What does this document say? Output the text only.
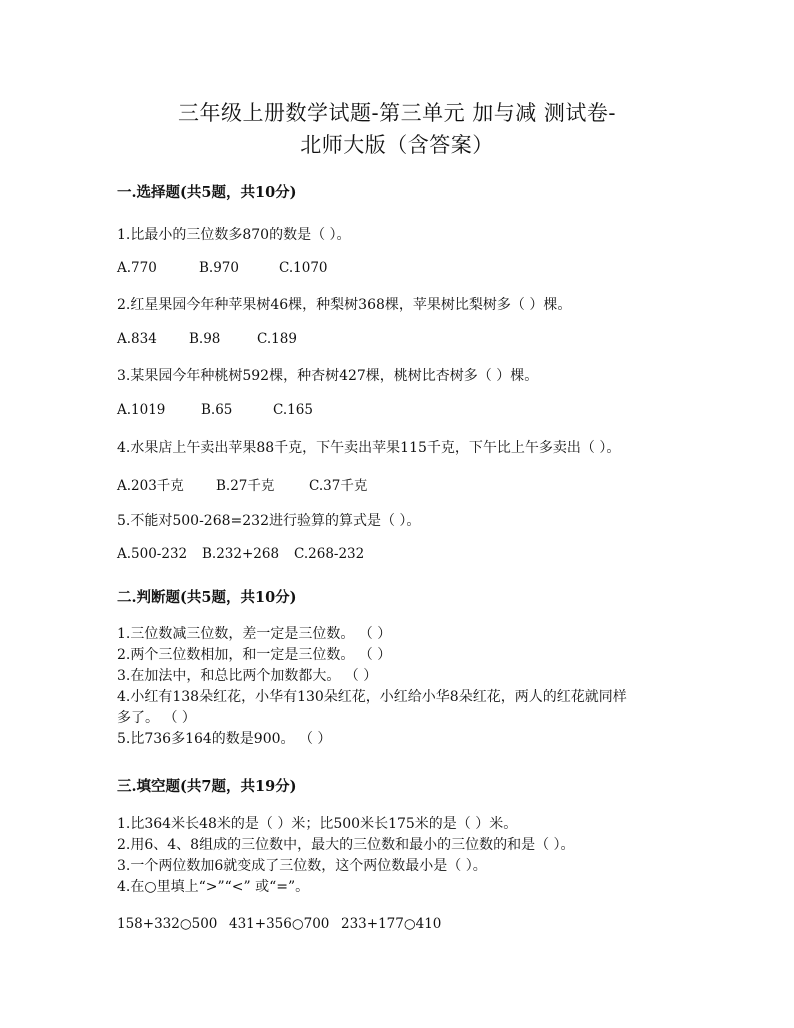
三年级上册数学试题-第三单元 加与减 测试卷-
北师大版（含答案）
一.选择题(共5题，共10分)
1.比最小的三位数多870的数是（ ）。
A.770	B.970	C.1070
2.红星果园今年种苹果树46棵，种梨树368棵，苹果树比梨树多（ ）棵。
A.834 B.98	C.189
3.某果园今年种桃树592棵，种杏树427棵，桃树比杏树多（ ）棵。
A.1019	B.65	C.165
4.水果店上午卖出苹果88千克，下午卖出苹果115千克，下午比上午多卖出（ ）。
A.203千克 B.27千克	C.37千克
5.不能对500-268=232进行验算的算式是（ ）。
A.500-232 B.232+268 C.268-232
二.判断题(共5题，共10分)
1.三位数减三位数，差一定是三位数。 （ ）
2.两个三位数相加，和一定是三位数。 （ ）
3.在加法中，和总比两个加数都大。 （ ）
4.小红有138朵红花，小华有130朵红花，小红给小华8朵红花，两人的红花就同样
多了。 （ ）
5.比736多164的数是900。 （ ）
三.填空题(共7题，共19分)
1.比364米长48米的是（ ）米；比500米长175米的是（ ）米。
2.用6、4、8组成的三位数中，最大的三位数和最小的三位数的和是（ ）。
3.一个两位数加6就变成了三位数，这个两位数最小是（ ）。
4.在○里填上“>”“<” 或“=”。
158+332○500 431+356○700 233+177○410
